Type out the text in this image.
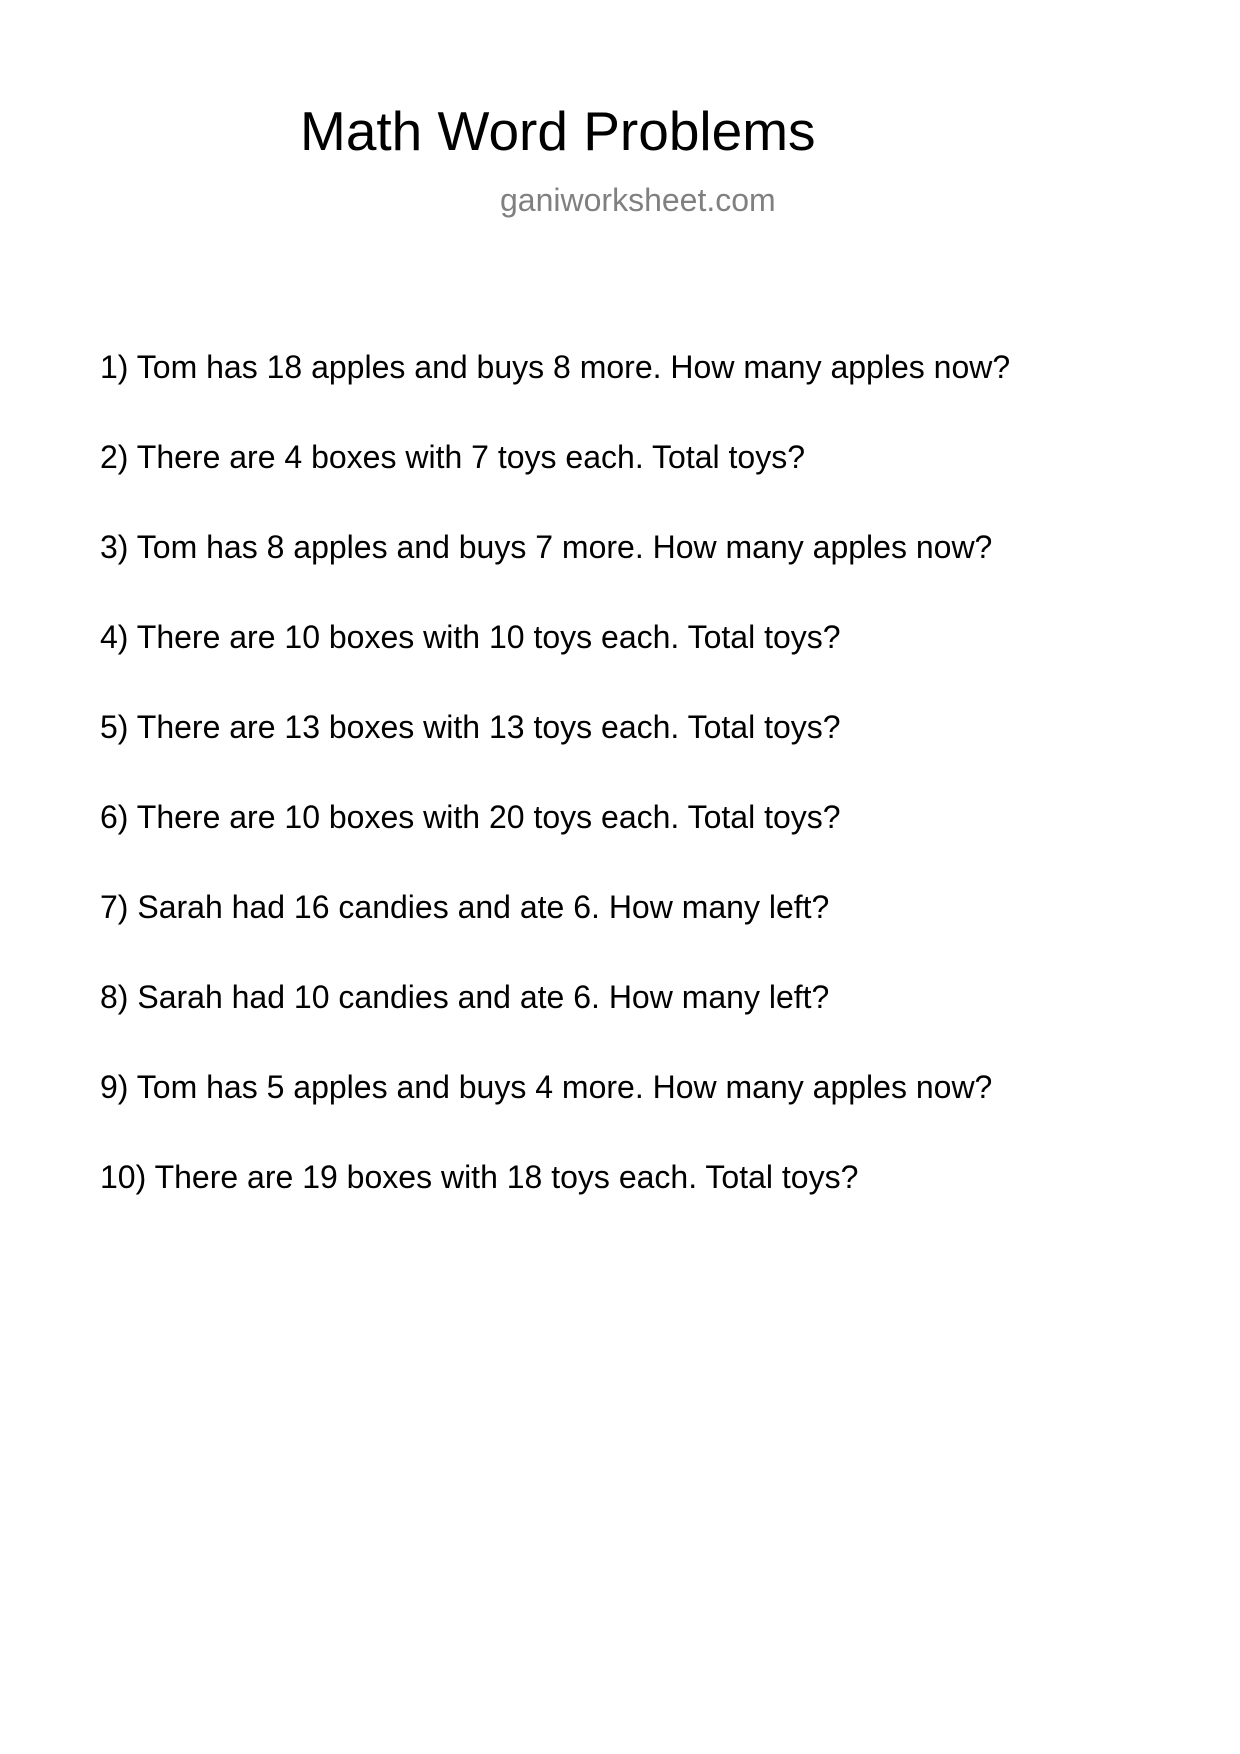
Math Word Problems
ganiworksheet.com
1) Tom has 18 apples and buys 8 more. How many apples now?
2) There are 4 boxes with 7 toys each. Total toys?
3) Tom has 8 apples and buys 7 more. How many apples now?
4) There are 10 boxes with 10 toys each. Total toys?
5) There are 13 boxes with 13 toys each. Total toys?
6) There are 10 boxes with 20 toys each. Total toys?
7) Sarah had 16 candies and ate 6. How many left?
8) Sarah had 10 candies and ate 6. How many left?
9) Tom has 5 apples and buys 4 more. How many apples now?
10) There are 19 boxes with 18 toys each. Total toys?
